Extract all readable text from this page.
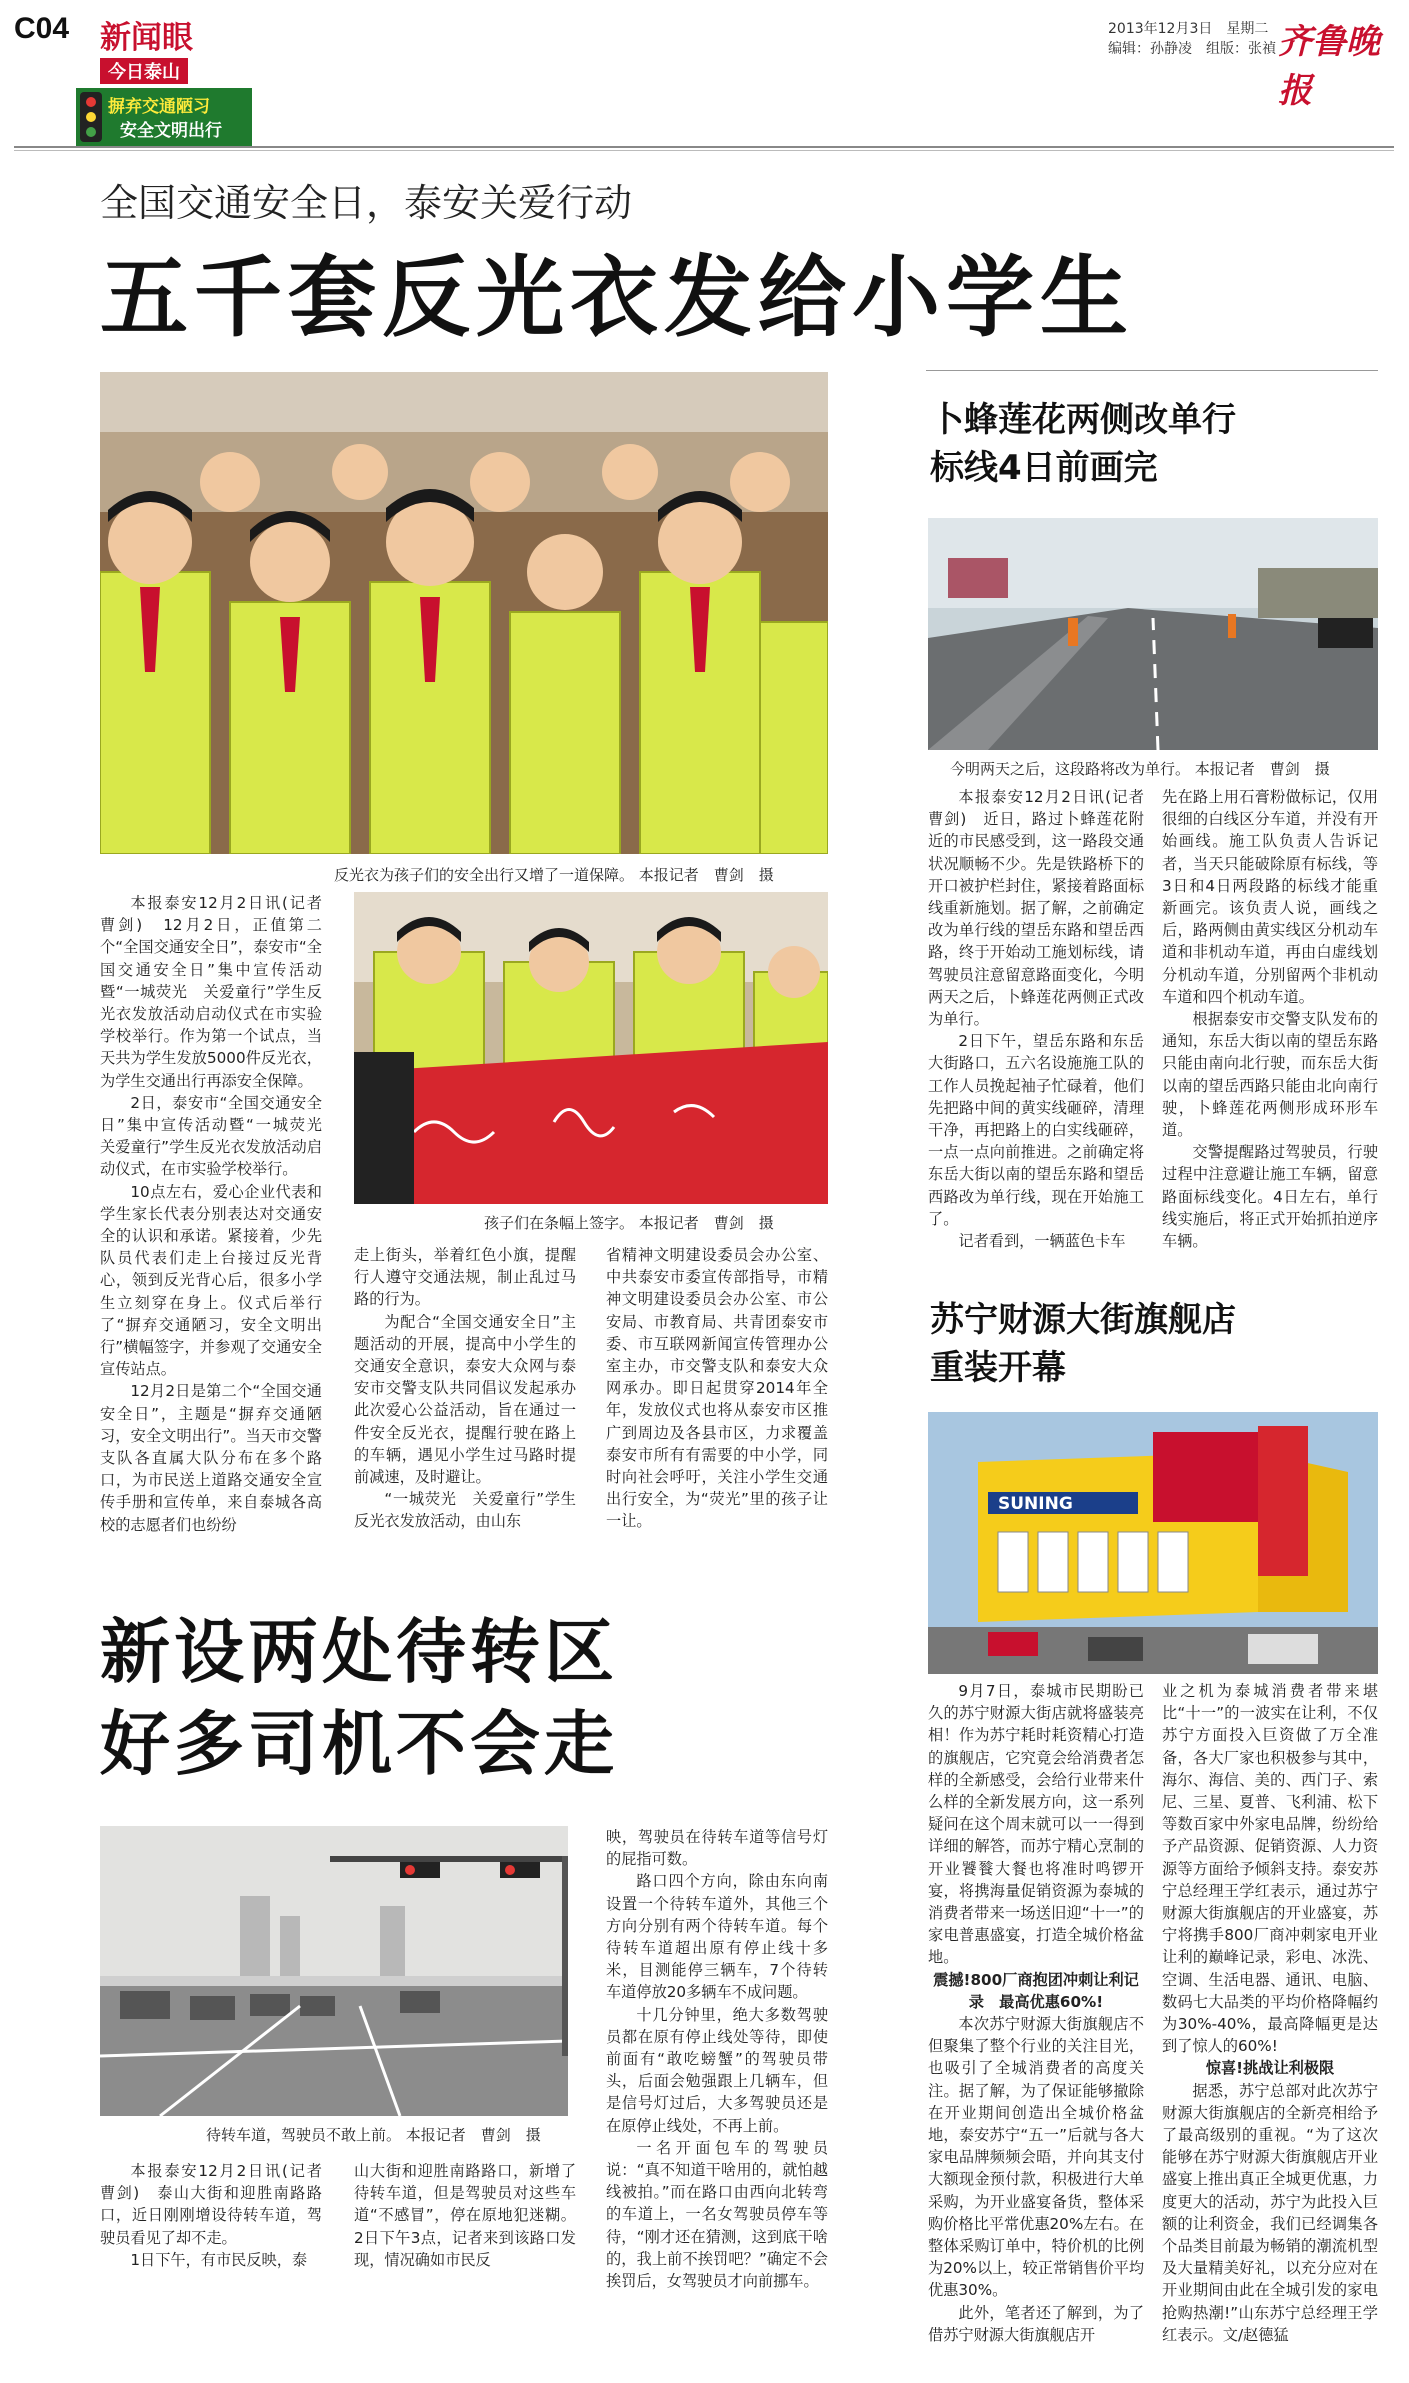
C04 新闻眼
今日泰山
摒弃交通陋习
安全文明出行
2013年12月3日　星期二
编辑：孙静凌　组版：张禎 齐鲁晚报
全国交通安全日，泰安关爱行动
五千套反光衣发给小学生
反光衣为孩子们的安全出行又增了一道保障。 本报记者　曹剑　摄
孩子们在条幅上签字。 本报记者　曹剑　摄

本报泰安12月2日讯(记者　曹剑)　12月2日，正值第二个“全国交通安全日”，泰安市“全国交通安全日”集中宣传活动暨“一城荧光　关爱童行”学生反光衣发放活动启动仪式在市实验学校举行。作为第一个试点，当天共为学生发放5000件反光衣，为学生交通出行再添安全保障。

2日，泰安市“全国交通安全日”集中宣传活动暨“一城荧光　关爱童行”学生反光衣发放活动启动仪式，在市实验学校举行。

10点左右，爱心企业代表和学生家长代表分别表达对交通安全的认识和承诺。紧接着，少先队员代表们走上台接过反光背心，领到反光背心后，很多小学生立刻穿在身上。仪式后举行了“摒弃交通陋习，安全文明出行”横幅签字，并参观了交通安全宣传站点。

12月2日是第二个“全国交通安全日”，主题是“摒弃交通陋习，安全文明出行”。当天市交警支队各直属大队分布在多个路口，为市民送上道路交通安全宣传手册和宣传单，来自泰城各高校的志愿者们也纷纷

走上街头，举着红色小旗，提醒行人遵守交通法规，制止乱过马路的行为。

为配合“全国交通安全日”主题活动的开展，提高中小学生的交通安全意识，泰安大众网与泰安市交警支队共同倡议发起承办此次爱心公益活动，旨在通过一件安全反光衣，提醒行驶在路上的车辆，遇见小学生过马路时提前减速，及时避让。

“一城荧光　关爱童行”学生反光衣发放活动，由山东

省精神文明建设委员会办公室、中共泰安市委宣传部指导，市精神文明建设委员会办公室、市公安局、市教育局、共青团泰安市委、市互联网新闻宣传管理办公室主办，市交警支队和泰安大众网承办。即日起贯穿2014年全年，发放仪式也将从泰安市区推广到周边及各县市区，力求覆盖泰安市所有有需要的中小学，同时向社会呼吁，关注小学生交通出行安全，为“荧光”里的孩子让一让。

卜蜂莲花两侧改单行
标线4日前画完
今明两天之后，这段路将改为单行。 本报记者　曹剑　摄

本报泰安12月2日讯(记者　曹剑)　近日，路过卜蜂莲花附近的市民感受到，这一路段交通状况顺畅不少。先是铁路桥下的开口被护栏封住，紧接着路面标线重新施划。据了解，之前确定改为单行线的望岳东路和望岳西路，终于开始动工施划标线，请驾驶员注意留意路面变化，今明两天之后，卜蜂莲花两侧正式改为单行。

2日下午，望岳东路和东岳大街路口，五六名设施施工队的工作人员挽起袖子忙碌着，他们先把路中间的黄实线砸碎，清理干净，再把路上的白实线砸碎，一点一点向前推进。之前确定将东岳大街以南的望岳东路和望岳西路改为单行线，现在开始施工了。

记者看到，一辆蓝色卡车

先在路上用石膏粉做标记，仅用很细的白线区分车道，并没有开始画线。施工队负责人告诉记者，当天只能破除原有标线，等3日和4日两段路的标线才能重新画完。该负责人说，画线之后，路两侧由黄实线区分机动车道和非机动车道，再由白虚线划分机动车道，分别留两个非机动车道和四个机动车道。

根据泰安市交警支队发布的通知，东岳大街以南的望岳东路只能由南向北行驶，而东岳大街以南的望岳西路只能由北向南行驶，卜蜂莲花两侧形成环形车道。

交警提醒路过驾驶员，行驶过程中注意避让施工车辆，留意路面标线变化。4日左右，单行线实施后，将正式开始抓拍逆序车辆。

苏宁财源大街旗舰店
重装开幕
SUNING

9月7日，泰城市民期盼已久的苏宁财源大街店就将盛装亮相！作为苏宁耗时耗资精心打造的旗舰店，它究竟会给消费者怎样的全新感受，会给行业带来什么样的全新发展方向，这一系列疑问在这个周末就可以一一得到详细的解答，而苏宁精心烹制的开业饕餮大餐也将准时鸣锣开宴，将携海量促销资源为泰城的消费者带来一场送旧迎“十一”的家电普惠盛宴，打造全城价格盆地。

震撼!800厂商抱团冲刺让利记录　最高优惠60%!

本次苏宁财源大街旗舰店不但聚集了整个行业的关注目光，也吸引了全城消费者的高度关注。据了解，为了保证能够撤除在开业期间创造出全城价格盆地，泰安苏宁“五一”后就与各大家电品牌频频会晤，并向其支付大额现金预付款，积极进行大单采购，为开业盛宴备货，整体采购价格比平常优惠20%左右。在整体采购订单中，特价机的比例为20%以上，较正常销售价平均优惠30%。

此外，笔者还了解到，为了借苏宁财源大街旗舰店开

业之机为泰城消费者带来堪比“十一”的一波实在让利，不仅苏宁方面投入巨资做了万全准备，各大厂家也积极参与其中，海尔、海信、美的、西门子、索尼、三星、夏普、飞利浦、松下等数百家中外家电品牌，纷纷给予产品资源、促销资源、人力资源等方面给予倾斜支持。泰安苏宁总经理王学红表示，通过苏宁财源大街旗舰店的开业盛宴，苏宁将携手800厂商冲刺家电开业让利的巅峰记录，彩电、冰洗、空调、生活电器、通讯、电脑、数码七大品类的平均价格降幅约为30%-40%，最高降幅更是达到了惊人的60%!

惊喜!挑战让利极限

据悉，苏宁总部对此次苏宁财源大街旗舰店的全新亮相给予了最高级别的重视。“为了这次能够在苏宁财源大街旗舰店开业盛宴上推出真正全城更优惠，力度更大的活动，苏宁为此投入巨额的让利资金，我们已经调集各个品类目前最为畅销的潮流机型及大量精美好礼，以充分应对在开业期间由此在全城引发的家电抢购热潮!”山东苏宁总经理王学红表示。文/赵德猛

新设两处待转区
好多司机不会走
待转车道，驾驶员不敢上前。 本报记者　曹剑　摄

本报泰安12月2日讯(记者　曹剑)　泰山大街和迎胜南路路口，近日刚刚增设待转车道，驾驶员看见了却不走。

1日下午，有市民反映，泰

山大街和迎胜南路路口，新增了待转车道，但是驾驶员对这些车道“不感冒”，停在原地犯迷糊。2日下午3点，记者来到该路口发现，情况确如市民反

映，驾驶员在待转车道等信号灯的屁指可数。

路口四个方向，除由东向南设置一个待转车道外，其他三个方向分别有两个待转车道。每个待转车道超出原有停止线十多米，目测能停三辆车，7个待转车道停放20多辆车不成问题。

十几分钟里，绝大多数驾驶员都在原有停止线处等待，即使前面有“敢吃螃蟹”的驾驶员带头，后面会勉强跟上几辆车，但是信号灯过后，大多驾驶员还是在原停止线处，不再上前。

一名开面包车的驾驶员说：“真不知道干啥用的，就怕越线被拍。”而在路口由西向北转弯的车道上，一名女驾驶员停车等待，“刚才还在猜测，这到底干啥的，我上前不挨罚吧？”确定不会挨罚后，女驾驶员才向前挪车。
